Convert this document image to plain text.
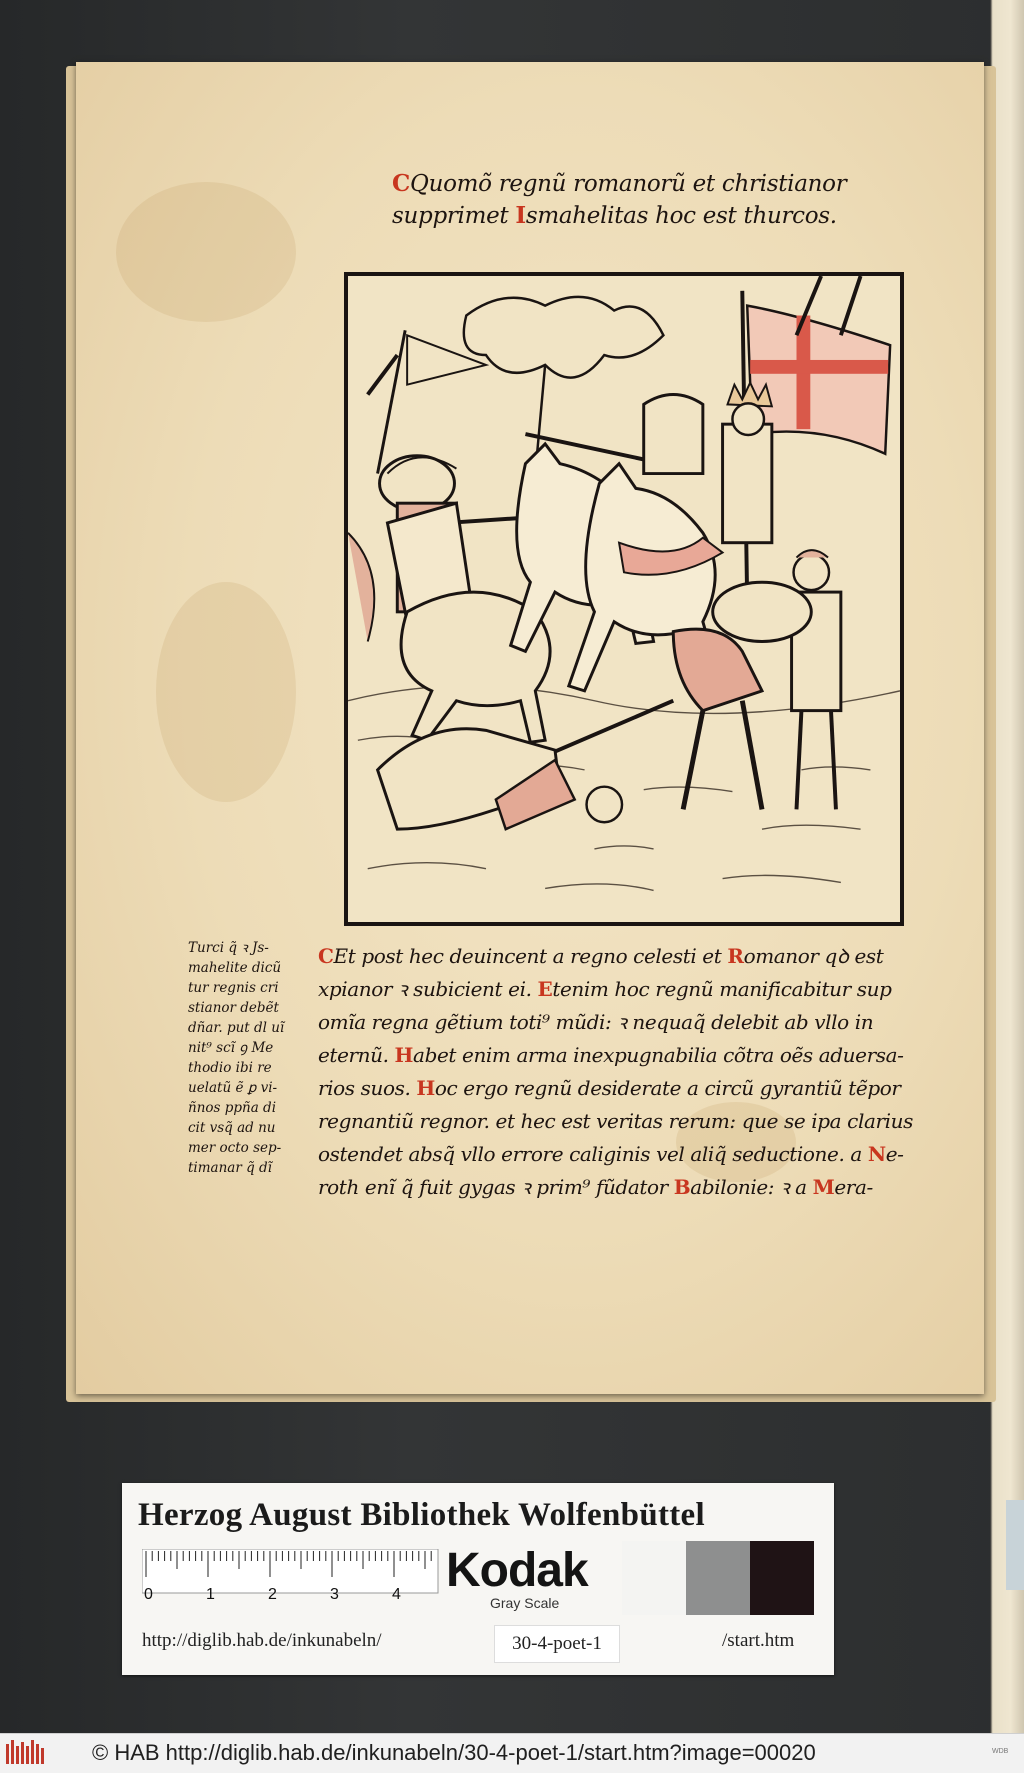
CQuomõ regnũ romanorũ et christianor
supprimet Ismahelitas hoc est thurcos.
Turci q̃ ꝛ Js-
mahelite dicũ
tur regnis cri
stianor debẽt
dñar. put dl uĩ
nit⁹ scĩ ꝯ Me
thodio ibi re
uelatũ ẽ ꝑ vi-
ñnos ppña di
cit vsq̃ ad nu
mer octo sep-
timanar q̃ dĩ
CEt post hec deuincent a regno celesti et Romanor qꝺ est
xpianor ꝛ subicient ei. Etenim hoc regnũ manificabitur sup
omĩa regna gẽtium toti⁹ mũdi: ꝛ nequaq̃ delebit ab vllo in
eternũ. Habet enim arma inexpugnabilia cõtra oẽs aduersa-
rios suos. Hoc ergo regnũ desiderate a circũ gyrantiũ tẽpor
regnantiũ regnor. et hec est veritas rerum: que se ipa clarius
ostendet absq̃ vllo errore caliginis vel aliq̃ seductione. a Ne-
roth enĩ q̃ fuit gygas ꝛ prim⁹ fũdator Babilonie: ꝛ a Mera-
Herzog August Bibliothek Wolfenbüttel
0	1	2	3	4 Kodak
Gray Scale
http://diglib.hab.de/inkunabeln/	30-4-poet-1	/start.htm
© HAB http://diglib.hab.de/inkunabeln/30-4-poet-1/start.htm?image=00020	WDB
